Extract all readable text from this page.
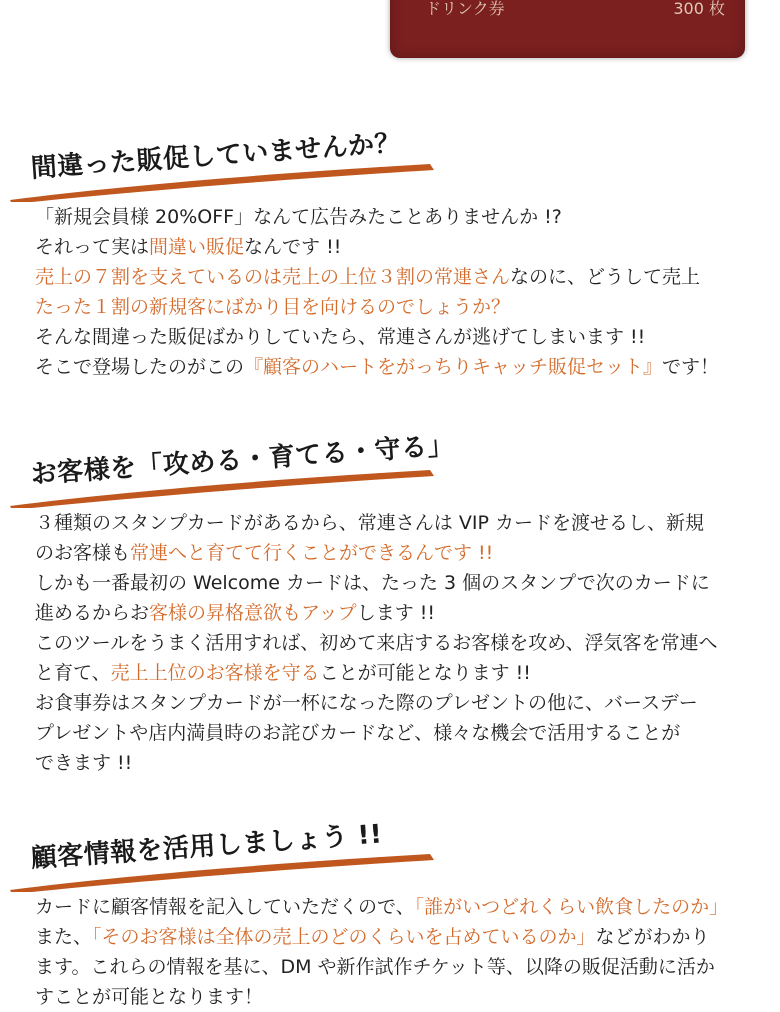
ドリンク券	300 枚
間違った販促していませんか？

「新規会員様 20%OFF」なんて広告みたことありませんか !?

それって実は間違い販促なんです !!

売上の７割を支えているのは売上の上位３割の常連さんなのに、どうして売上

たった１割の新規客にばかり目を向けるのでしょうか？

そんな間違った販促ばかりしていたら、常連さんが逃げてしまいます !!

そこで登場したのがこの『顧客のハートをがっちりキャッチ販促セット』です！

お客様を「攻める・育てる・守る」

３種類のスタンプカードがあるから、常連さんは VIP カードを渡せるし、新規

のお客様も常連へと育てて行くことができるんです !!

しかも一番最初の Welcome カードは、たった 3 個のスタンプで次のカードに

進めるからお客様の昇格意欲もアップします !!

このツールをうまく活用すれば、初めて来店するお客様を攻め、浮気客を常連へ

と育て、売上上位のお客様を守ることが可能となります !!

お食事券はスタンプカードが一杯になった際のプレゼントの他に、バースデー

プレゼントや店内満員時のお詫びカードなど、様々な機会で活用することが

できます !!

顧客情報を活用しましょう !!

カードに顧客情報を記入していただくので、「誰がいつどれくらい飲食したのか」

また、「そのお客様は全体の売上のどのくらいを占めているのか」などがわかり

ます。これらの情報を基に、DM や新作試作チケット等、以降の販促活動に活か

すことが可能となります！
